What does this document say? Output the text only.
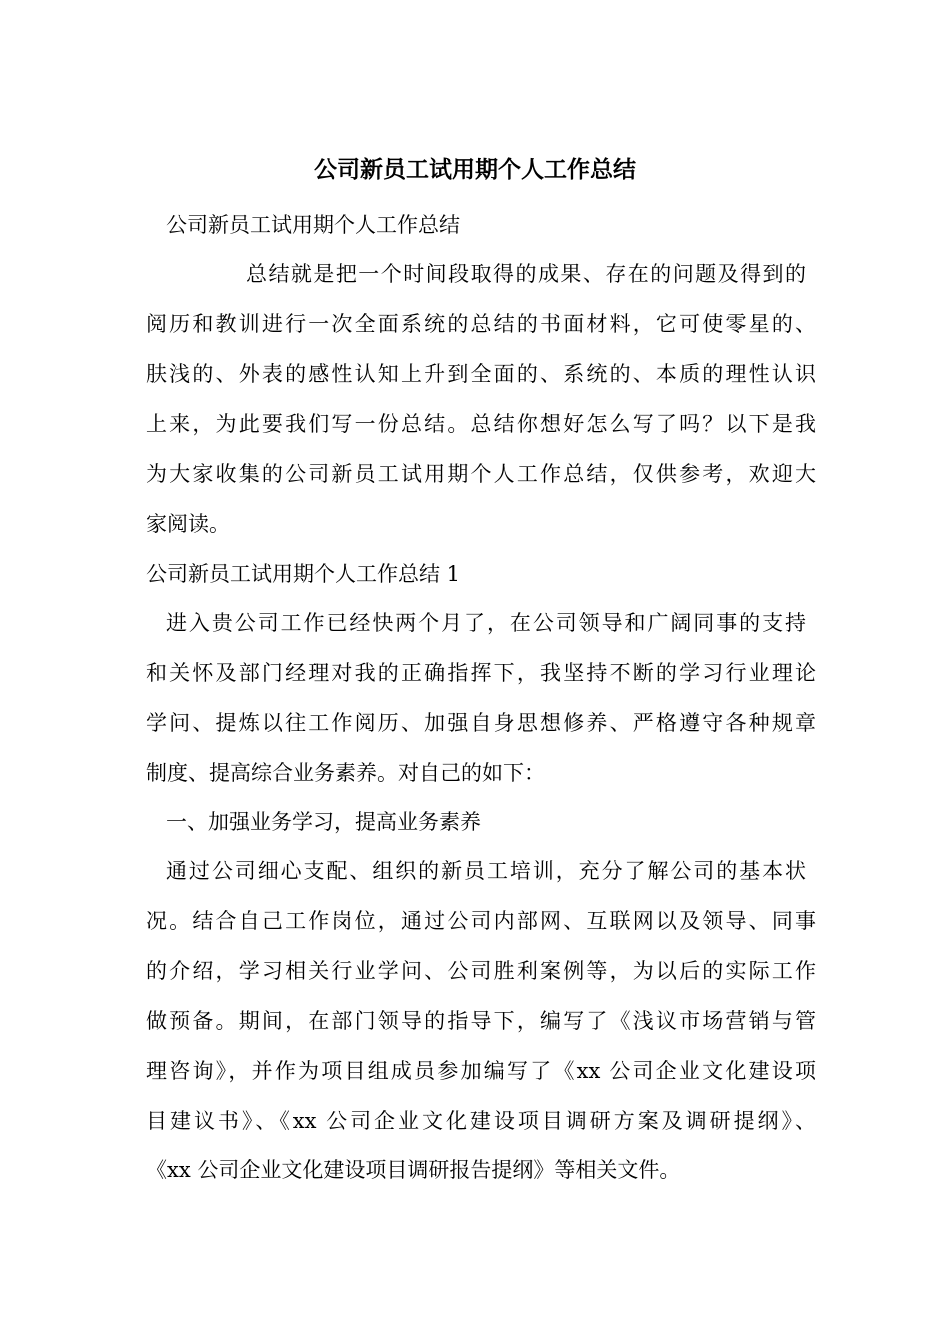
公司新员工试用期个人工作总结
公司新员工试用期个人工作总结
总结就是把一个时间段取得的成果、存在的问题及得到的
阅历和教训进行一次全面系统的总结的书面材料，它可使零星的、
肤浅的、外表的感性认知上升到全面的、系统的、本质的理性认识
上来，为此要我们写一份总结。总结你想好怎么写了吗？以下是我
为大家收集的公司新员工试用期个人工作总结，仅供参考，欢迎大
家阅读。
公司新员工试用期个人工作总结 1
进入贵公司工作已经快两个月了，在公司领导和广阔同事的支持
和关怀及部门经理对我的正确指挥下，我坚持不断的学习行业理论
学问、提炼以往工作阅历、加强自身思想修养、严格遵守各种规章
制度、提高综合业务素养。对自己的如下：
一、加强业务学习，提高业务素养
通过公司细心支配、组织的新员工培训，充分了解公司的基本状
况。结合自己工作岗位，通过公司内部网、互联网以及领导、同事
的介绍，学习相关行业学问、公司胜利案例等，为以后的实际工作
做预备。期间，在部门领导的指导下，编写了《浅议市场营销与管
理咨询》，并作为项目组成员参加编写了《xx 公司企业文化建设项
目建议书》、《xx 公司企业文化建设项目调研方案及调研提纲》、
《xx 公司企业文化建设项目调研报告提纲》等相关文件。
